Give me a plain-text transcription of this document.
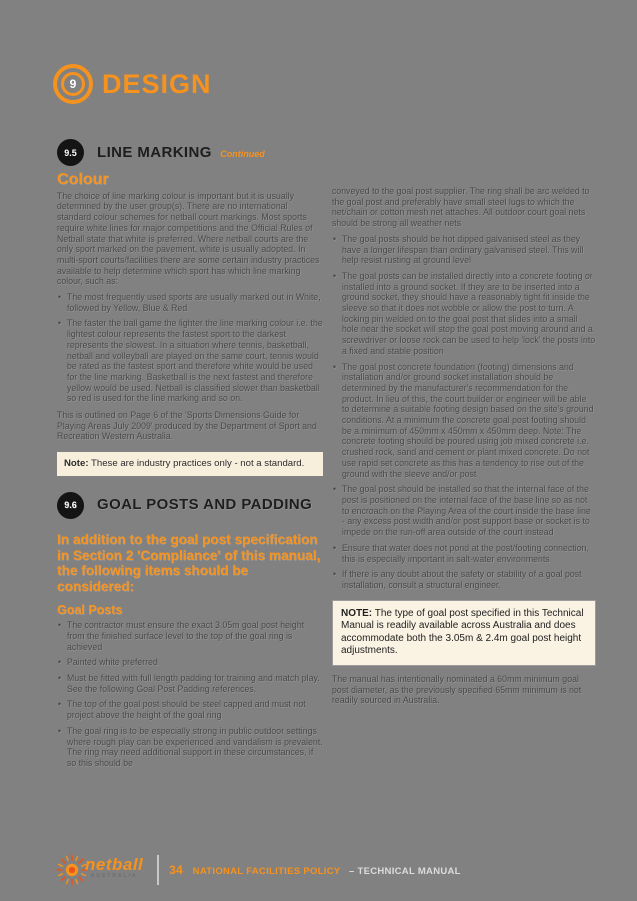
9 DESIGN
9.5	LINE MARKING Continued
Colour
The choice of line marking colour is important but it is usually determined by the user group(s). There are no international standard colour schemes for netball court markings. Most sports require white lines for major competitions and the Official Rules of Netball state that white is preferred. Where netball courts are the only sport marked on the pavement, white is usually adopted. In multi-sport courts/facilities there are some certain industry practices available to help determine which sport has which line marking colour, such as:
• The most frequently used sports are usually marked out in White, followed by Yellow, Blue & Red
• The faster the ball game the lighter the line marking colour i.e. the lightest colour represents the fastest sport to the darkest represents the slowest. In a situation where tennis, basketball, netball and volleyball are played on the same court, tennis would be rated as the fastest sport and therefore white would be used for the line marking. Basketball is the next fastest and therefore yellow would be used. Netball is classified slower than basketball so red is used for the line marking and so on.
This is outlined on Page 6 of the 'Sports Dimensions Guide for Playing Areas July 2009' produced by the Department of Sport and Recreation Western Australia.
Note: These are industry practices only - not a standard.
9.6	GOAL POSTS AND PADDING
In addition to the goal post specification in Section 2 'Compliance' of this manual, the following items should be considered:
Goal Posts
• The contractor must ensure the exact 3.05m goal post height from the finished surface level to the top of the goal ring is achieved
• Painted white preferred
• Must be fitted with full length padding for training and match play. See the following Goal Post Padding references.
• The top of the goal post should be steel capped and must not project above the height of the goal ring
• The goal ring is to be especially strong in public outdoor settings where rough play can be experienced and vandalism is prevalent. The ring may need additional support in these circumstances, if so this should be
conveyed to the goal post supplier. The ring shall be arc welded to the goal post and preferably have small steel lugs to which the net/chain or cotton mesh net attaches. All outdoor court goal nets should be strong all weather nets
• The goal posts should be hot dipped galvanised steel as they have a longer lifespan than ordinary galvanised steel. This will help resist rusting at ground level
• The goal posts can be installed directly into a concrete footing or installed into a ground socket. If they are to be inserted into a ground socket, they should have a reasonably tight fit inside the sleeve so that it does not wobble or allow the post to turn. A locking pin welded on to the goal post that slides into a small hole near the socket will stop the goal post moving around and a screwdriver or loose rock can be used to help 'lock' the posts into a fixed and stable position
• The goal post concrete foundation (footing) dimensions and installation and/or ground socket installation should be determined by the manufacturer's recommendation for the product. In lieu of this, the court builder or engineer will be able to determine a suitable footing design based on the site's ground conditions. At a minimum the concrete goal post footing should be a minimum of 450mm x 450mm x 450mm deep. Note: The concrete footing should be poured using job mixed concrete i.e. crushed rock, sand and cement or plant mixed concrete. Do not use rapid set concrete as this has a tendency to rise out of the ground with the sleeve and/or post
• The goal post should be installed so that the internal face of the post is positioned on the internal face of the base line so as not to encroach on the Playing Area of the court inside the base line - any excess post width and/or post support base or socket is to impede on the run-off area outside of the court instead
• Ensure that water does not pond at the post/footing connection, this is especially important in salt-water environments
• If there is any doubt about the safety or stability of a goal post installation, consult a structural engineer.
NOTE: The type of goal post specified in this Technical Manual is readily available across Australia and does accommodate both the 3.05m & 2.4m goal post height adjustments.
The manual has intentionally nominated a 60mm minimum goal post diameter, as the previously specified 65mm minimum is not readily sourced in Australia.
netball
AUSTRALIA	34 NATIONAL FACILITIES POLICY – TECHNICAL MANUAL
